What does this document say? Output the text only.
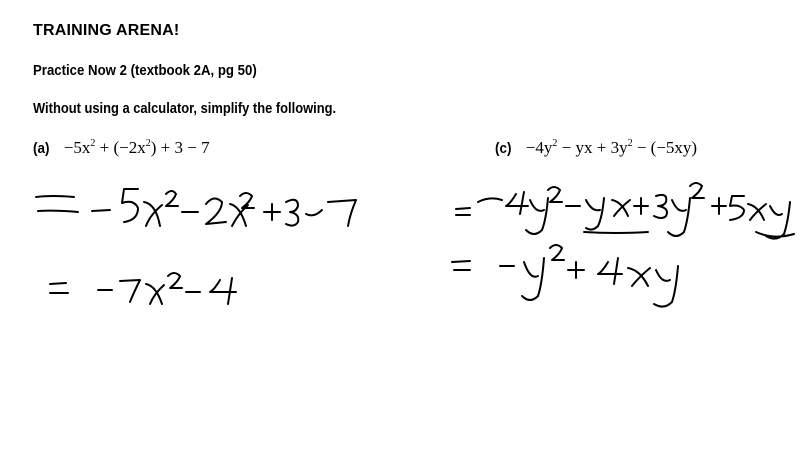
TRAINING ARENA!
Practice Now 2 (textbook 2A, pg 50)
Without using a calculator, simplify the following.
$(a) -5x^2 + (-2x^2) + 3 - 7$	$(c) -4y^2$ − yx + $3y^2 - (-5xy)$
